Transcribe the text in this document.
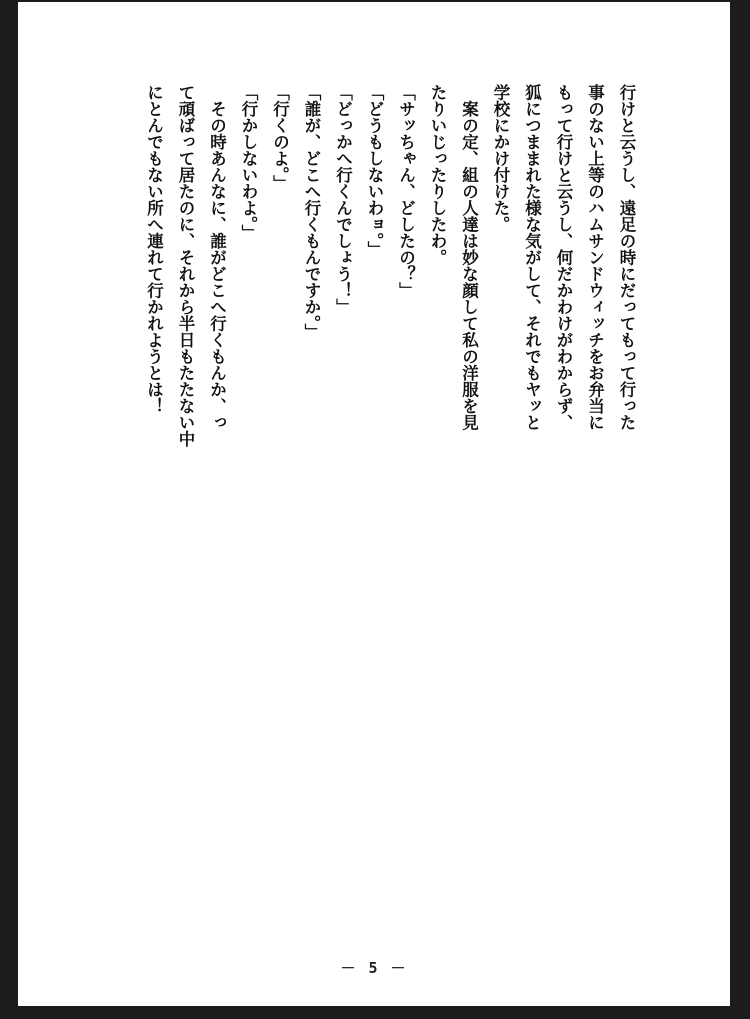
行けと云うし、遠足の時にだってもって行った
事のない上等のハムサンドウィッチをお弁当に
もって行けと云うし、何だかわけがわからず、
狐につままれた様な気がして、それでもヤッと
学校にかけ付けた。
　案の定、組の人達は妙な顔して私の洋服を見
たりいじったりしたわ。
「サッちゃん、どしたの？」
「どうもしないわョ。」
「どっかへ行くんでしょう！」
「誰が、どこへ行くもんですか。」
「行くのよ。」
「行かしないわよ。」
　その時あんなに、誰がどこへ行くもんか、っ
て頑ばって居たのに、それから半日もたたない中
にとんでもない所へ連れて行かれようとは！
－ 5 －
